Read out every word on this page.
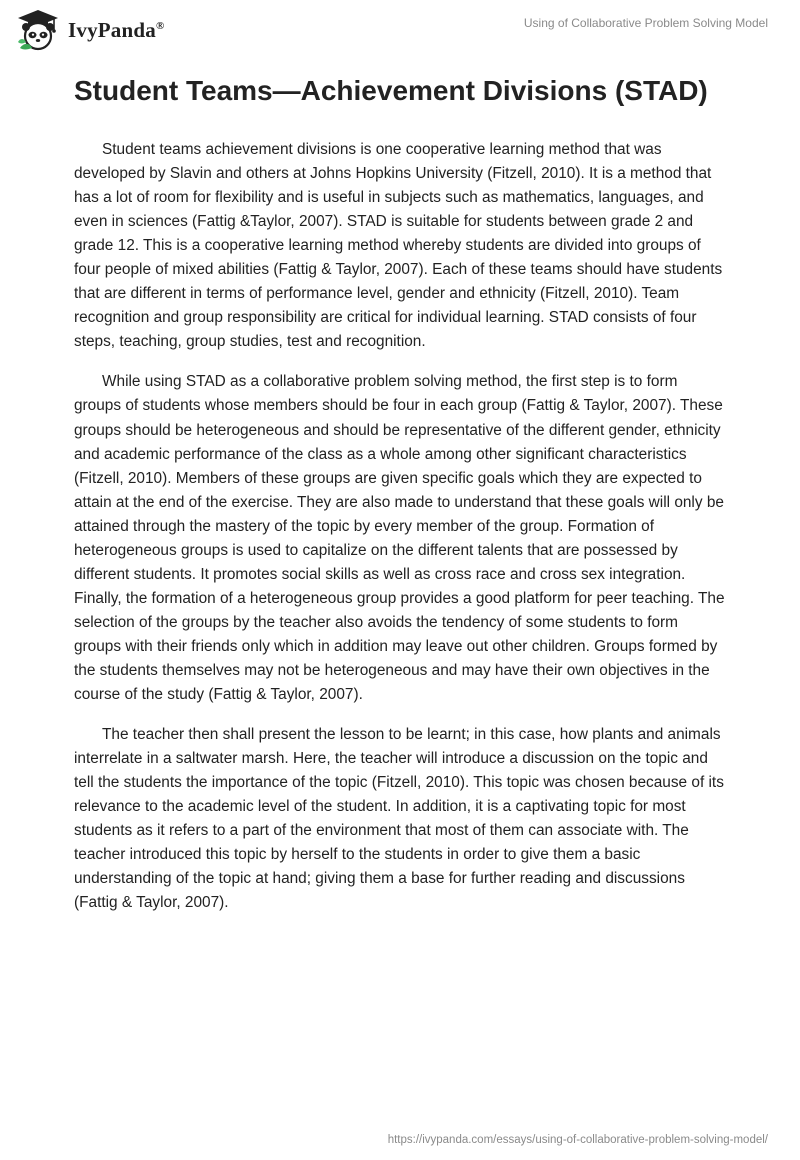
IvyPanda®	Using of Collaborative Problem Solving Model
Student Teams—Achievement Divisions (STAD)

Student teams achievement divisions is one cooperative learning method that was developed by Slavin and others at Johns Hopkins University (Fitzell, 2010). It is a method that has a lot of room for flexibility and is useful in subjects such as mathematics, languages, and even in sciences (Fattig &Taylor, 2007). STAD is suitable for students between grade 2 and grade 12. This is a cooperative learning method whereby students are divided into groups of four people of mixed abilities (Fattig & Taylor, 2007). Each of these teams should have students that are different in terms of performance level, gender and ethnicity (Fitzell, 2010). Team recognition and group responsibility are critical for individual learning. STAD consists of four steps, teaching, group studies, test and recognition.

While using STAD as a collaborative problem solving method, the first step is to form groups of students whose members should be four in each group (Fattig & Taylor, 2007). These groups should be heterogeneous and should be representative of the different gender, ethnicity and academic performance of the class as a whole among other significant characteristics (Fitzell, 2010). Members of these groups are given specific goals which they are expected to attain at the end of the exercise. They are also made to understand that these goals will only be attained through the mastery of the topic by every member of the group. Formation of heterogeneous groups is used to capitalize on the different talents that are possessed by different students. It promotes social skills as well as cross race and cross sex integration. Finally, the formation of a heterogeneous group provides a good platform for peer teaching. The selection of the groups by the teacher also avoids the tendency of some students to form groups with their friends only which in addition may leave out other children. Groups formed by the students themselves may not be heterogeneous and may have their own objectives in the course of the study (Fattig & Taylor, 2007).

The teacher then shall present the lesson to be learnt; in this case, how plants and animals interrelate in a saltwater marsh. Here, the teacher will introduce a discussion on the topic and tell the students the importance of the topic (Fitzell, 2010). This topic was chosen because of its relevance to the academic level of the student. In addition, it is a captivating topic for most students as it refers to a part of the environment that most of them can associate with. The teacher introduced this topic by herself to the students in order to give them a basic understanding of the topic at hand; giving them a base for further reading and discussions (Fattig & Taylor, 2007).

https://ivypanda.com/essays/using-of-collaborative-problem-solving-model/
